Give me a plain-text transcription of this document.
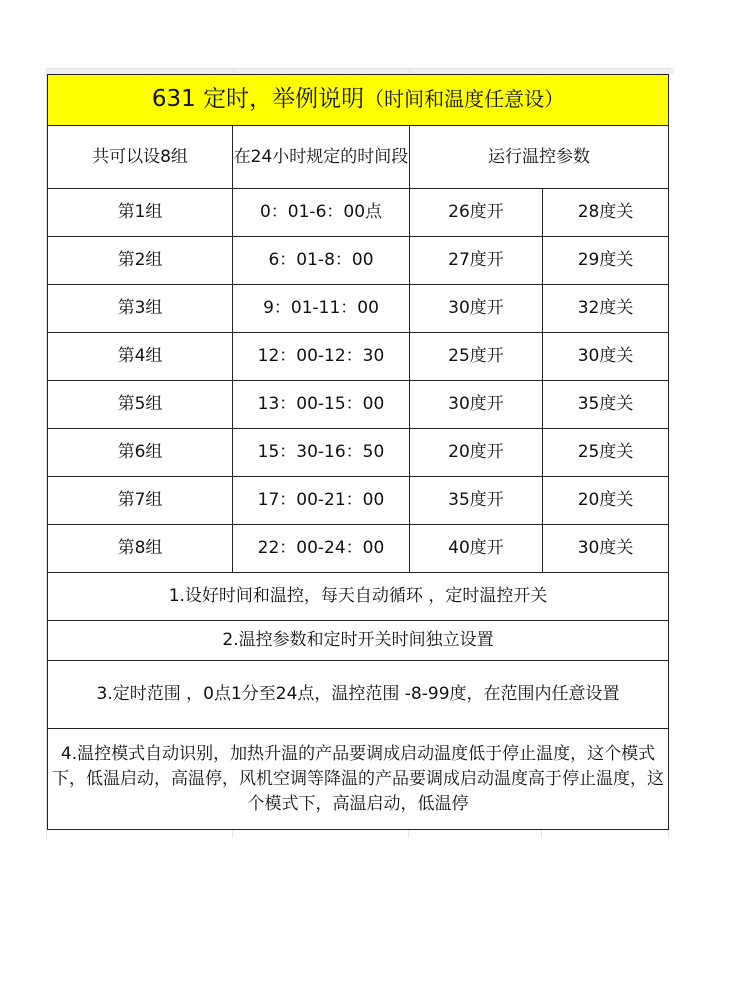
631 定时，举例说明（时间和温度任意设）			
共可以设8组	在24小时规定的时间段	运行温控参数	
第1组	0：01-6：00点	26度开	28度关
第2组	6：01-8：00	27度开	29度关
第3组	9：01-11：00	30度开	32度关
第4组	12：00-12：30	25度开	30度关
第5组	13：00-15：00	30度开	35度关
第6组	15：30-16：50	20度开	25度关
第7组	17：00-21：00	35度开	20度关
第8组	22：00-24：00	40度开	30度关
1.设好时间和温控，每天自动循环 ，定时温控开关			
2.温控参数和定时开关时间独立设置			
3.定时范围 ，0点1分至24点，温控范围 -8-99度，在范围内任意设置			
4.温控模式自动识别，加热升温的产品要调成启动温度低于停止温度，这个模式下，低温启动，高温停，风机空调等降温的产品要调成启动温度高于停止温度，这个模式下，高温启动，低温停			
